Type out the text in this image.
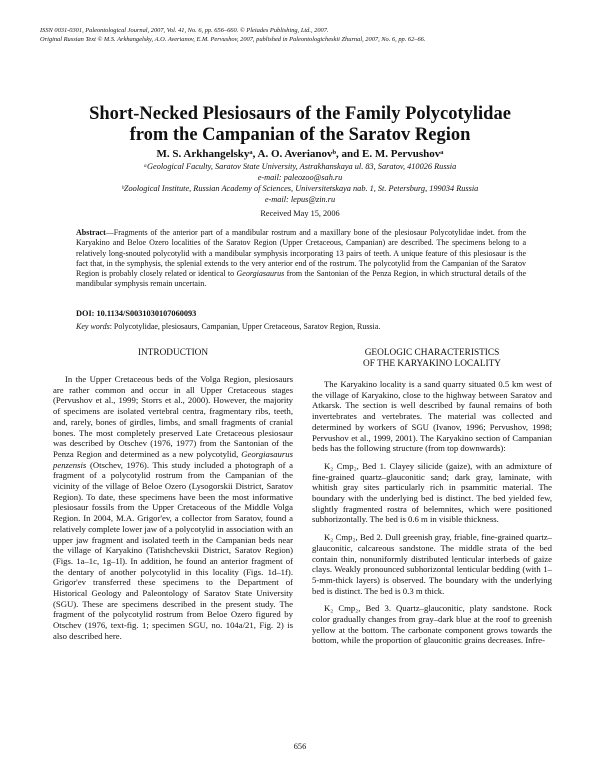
ISSN 0031-0301, Paleontological Journal, 2007, Vol. 41, No. 6, pp. 656–660. © Pleiades Publishing, Ltd., 2007.
Original Russian Text © M.S. Arkhangelsky, A.O. Averianov, E.M. Pervushov, 2007, published in Paleontologicheskii Zhurnal, 2007, No. 6, pp. 62–66.
Short-Necked Plesiosaurs of the Family Polycotylidae
from the Campanian of the Saratov Region
M. S. Arkhangelskyᵃ, A. O. Averianovᵇ, and E. M. Pervushovᵃ
ᵃGeological Faculty, Saratov State University, Astrakhanskaya ul. 83, Saratov, 410026 Russia
e-mail: paleozoo@sah.ru
ᵇZoological Institute, Russian Academy of Sciences, Universitetskaya nab. 1, St. Petersburg, 199034 Russia
e-mail: lepus@zin.ru
Received May 15, 2006
Abstract—Fragments of the anterior part of a mandibular rostrum and a maxillary bone of the plesiosaur Polycotylidae indet. from the Karyakino and Beloe Ozero localities of the Saratov Region (Upper Cretaceous, Campanian) are described. The specimens belong to a relatively long-snouted polycotylid with a mandibular symphysis incorporating 13 pairs of teeth. A unique feature of this plesiosaur is the fact that, in the symphysis, the splenial extends to the very anterior end of the rostrum. The polycotylid from the Campanian of the Saratov Region is probably closely related or identical to Georgiasaurus from the Santonian of the Penza Region, in which structural details of the mandibular symphysis remain uncertain.
DOI: 10.1134/S0031030107060093
Key words: Polycotylidae, plesiosaurs, Campanian, Upper Cretaceous, Saratov Region, Russia.
INTRODUCTION

In the Upper Cretaceous beds of the Volga Region, plesiosaurs are rather common and occur in all Upper Cretaceous stages (Pervushov et al., 1999; Storrs et al., 2000). However, the majority of specimens are isolated vertebral centra, fragmentary ribs, teeth, and, rarely, bones of girdles, limbs, and small fragments of cranial bones. The most completely preserved Late Cretaceous plesiosaur was described by Otschev (1976, 1977) from the Santonian of the Penza Region and determined as a new polycotylid, Georgiasaurus penzensis (Otschev, 1976). This study included a photograph of a fragment of a polycotylid rostrum from the Campanian of the vicinity of the village of Beloe Ozero (Lysogorskii District, Saratov Region). To date, these specimens have been the most informative plesiosaur fossils from the Upper Cretaceous of the Middle Volga Region. In 2004, M.A. Grigor'ev, a collector from Saratov, found a relatively complete lower jaw of a polycotylid in association with an upper jaw fragment and isolated teeth in the Campanian beds near the village of Karyakino (Tatishchevskii District, Saratov Region) (Figs. 1a–1c, 1g–1l). In addition, he found an anterior fragment of the dentary of another polycotylid in this locality (Figs. 1d–1f). Grigor'ev transferred these specimens to the Department of Historical Geology and Paleontology of Saratov State University (SGU). These are specimens described in the present study. The fragment of the polycotylid rostrum from Beloe Ozero figured by Otschev (1976, text-fig. 1; specimen SGU, no. 104a/21, Fig. 2) is also described here.

GEOLOGIC CHARACTERISTICS
OF THE KARYAKINO LOCALITY

The Karyakino locality is a sand quarry situated 0.5 km west of the village of Karyakino, close to the highway between Saratov and Atkarsk. The section is well described by faunal remains of both invertebrates and vertebrates. The material was collected and determined by workers of SGU (Ivanov, 1996; Pervushov, 1998; Pervushov et al., 1999, 2001). The Karyakino section of Campanian beds has the following structure (from top downwards):

K₂ Cmp₂, Bed 1. Clayey silicide (gaize), with an admixture of fine-grained quartz–glauconitic sand; dark gray, laminate, with whitish gray sites particularly rich in psammitic material. The boundary with the underlying bed is distinct. The bed yielded few, slightly fragmented rostra of belemnites, which were positioned subhorizontally. The bed is 0.6 m in visible thickness.

K₂ Cmp₂, Bed 2. Dull greenish gray, friable, fine-grained quartz–glauconitic, calcareous sandstone. The middle strata of the bed contain thin, nonuniformly distributed lenticular interbeds of gaize clays. Weakly pronounced subhorizontal lenticular bedding (with 1–5-mm-thick layers) is observed. The boundary with the underlying bed is distinct. The bed is 0.3 m thick.

K₂ Cmp₂, Bed 3. Quartz–glauconitic, platy sandstone. Rock color gradually changes from gray–dark blue at the roof to greenish yellow at the bottom. The carbonate component grows towards the bottom, while the proportion of glauconitic grains decreases. Infre-

656
